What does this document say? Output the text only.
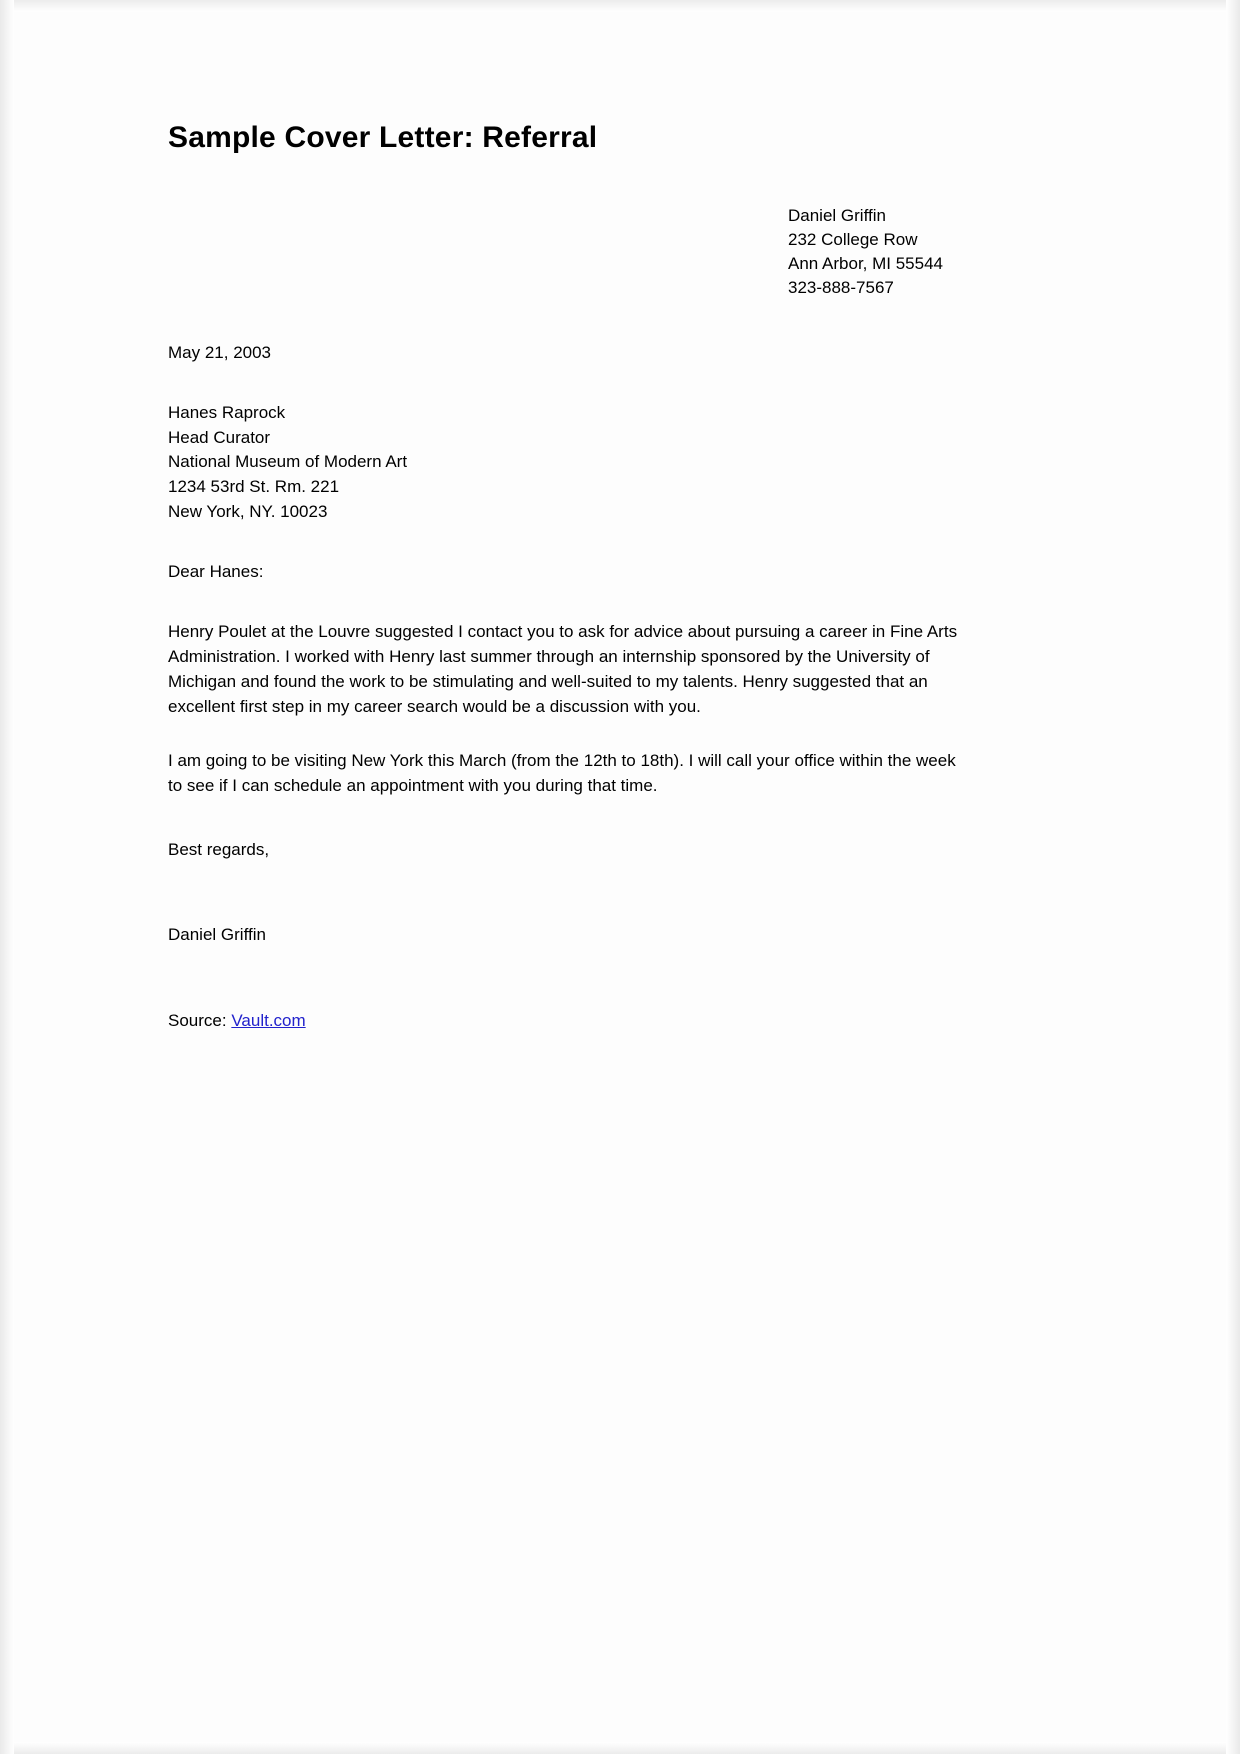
Sample Cover Letter: Referral
Daniel Griffin
232 College Row
Ann Arbor, MI 55544
323-888-7567
May 21, 2003
Hanes Raprock
Head Curator
National Museum of Modern Art
1234 53rd St. Rm. 221
New York, NY. 10023
Dear Hanes:

Henry Poulet at the Louvre suggested I contact you to ask for advice about pursuing a career in Fine Arts Administration. I worked with Henry last summer through an internship sponsored by the University of Michigan and found the work to be stimulating and well-suited to my talents. Henry suggested that an excellent first step in my career search would be a discussion with you.

I am going to be visiting New York this March (from the 12th to 18th). I will call your office within the week to see if I can schedule an appointment with you during that time.

Best regards,
Daniel Griffin
Source: Vault.com
